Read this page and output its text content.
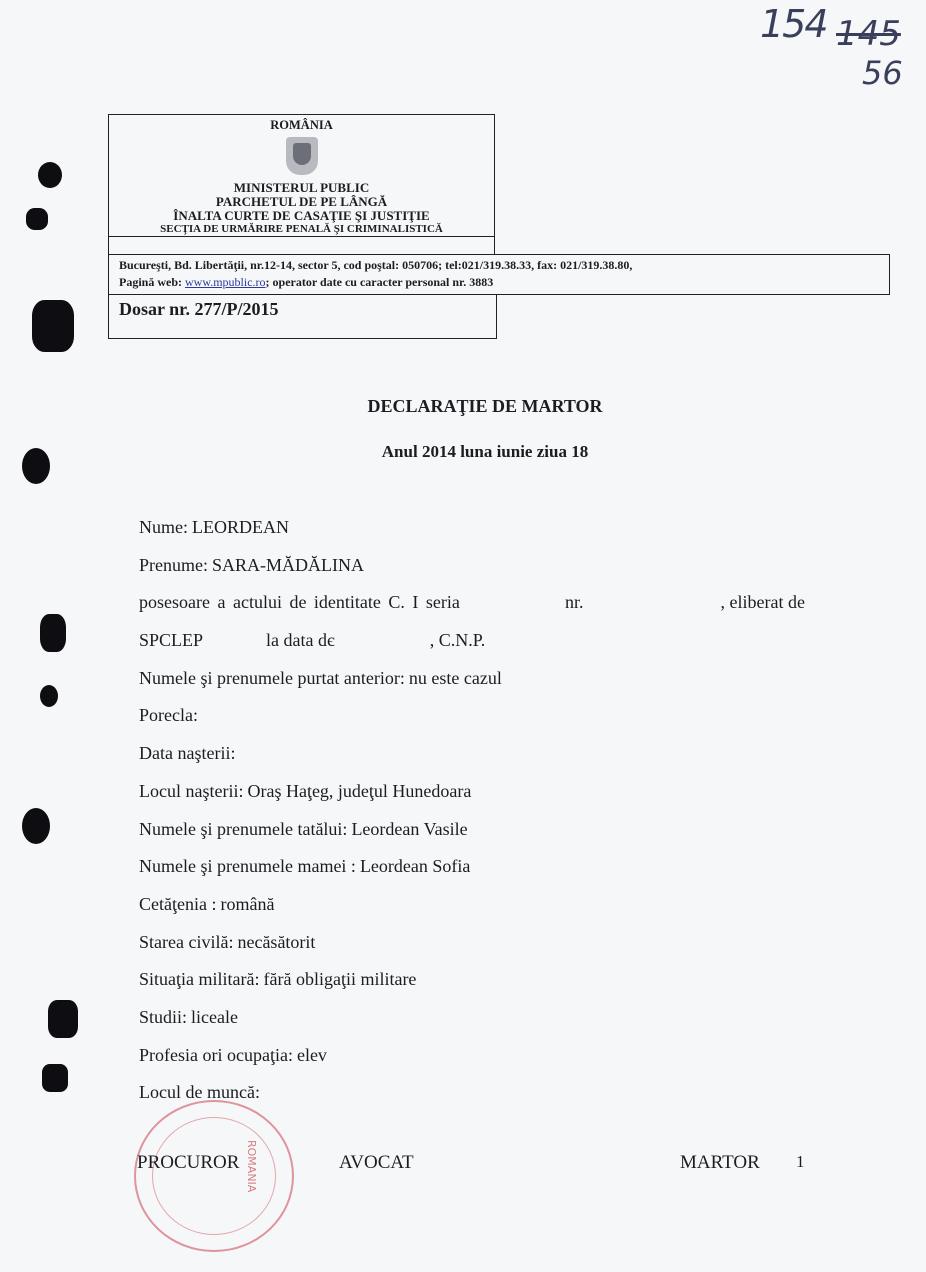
154 145
56
ROMÂNIA
MINISTERUL PUBLIC
PARCHETUL DE PE LÂNGĂ
ÎNALTA CURTE DE CASAŢIE ŞI JUSTIŢIE
SECŢIA DE URMĂRIRE PENALĂ ŞI CRIMINALISTICĂ
Bucureşti, Bd. Libertăţii, nr.12-14, sector 5, cod poştal: 050706; tel:021/319.38.33, fax: 021/319.38.80,
Pagină web: www.mpublic.ro; operator date cu caracter personal nr. 3883
Dosar nr. 277/P/2015
DECLARAŢIE DE MARTOR
Anul 2014 luna iunie ziua 18
Nume: LEORDEAN
Prenume: SARA-MĂDĂLINA
posesoare a actului de identitate C. I seria	nr.	, eliberat de
SPCLEP	la data dє	, C.N.P.
Numele şi prenumele purtat anterior: nu este cazul
Porecla:
Data naşterii:
Locul naşterii: Oraş Haţeg, judeţul Hunedoara
Numele şi prenumele tatălui: Leordean Vasile
Numele şi prenumele mamei : Leordean Sofia
Cetăţenia : română
Starea civilă: necăsătorit
Situaţia militară: fără obligaţii militare
Studii: liceale
Profesia ori ocupaţia: elev
Locul de muncă:
ROMANIA
PROCUROR	AVOCAT	MARTOR 1
